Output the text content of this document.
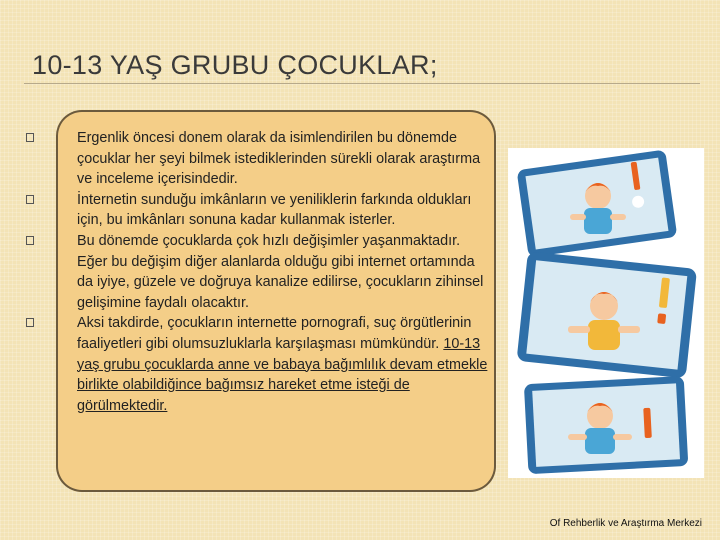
10-13 YAŞ GRUBU ÇOCUKLAR;
Ergenlik öncesi donem olarak da isimlendirilen bu dönemde çocuklar her şeyi bilmek istediklerinden sürekli olarak araştırma ve inceleme içerisindedir.
İnternetin sunduğu imkânların ve yeniliklerin farkında oldukları için, bu imkânları sonuna kadar kullanmak isterler.
Bu dönemde çocuklarda çok hızlı değişimler yaşanmaktadır. Eğer bu değişim diğer alanlarda olduğu gibi internet ortamında da iyiye, güzele ve doğruya kanalize edilirse, çocukların zihinsel gelişimine faydalı olacaktır.
Aksi takdirde, çocukların internette pornografi, suç örgütlerinin faaliyetleri gibi olumsuzluklarla karşılaşması mümkündür. 10-13 yaş grubu çocuklarda anne ve babaya bağımlılık devam etmekle birlikte olabildiğince bağımsız hareket etme isteği de görülmektedir.
Of Rehberlik ve Araştırma Merkezi
